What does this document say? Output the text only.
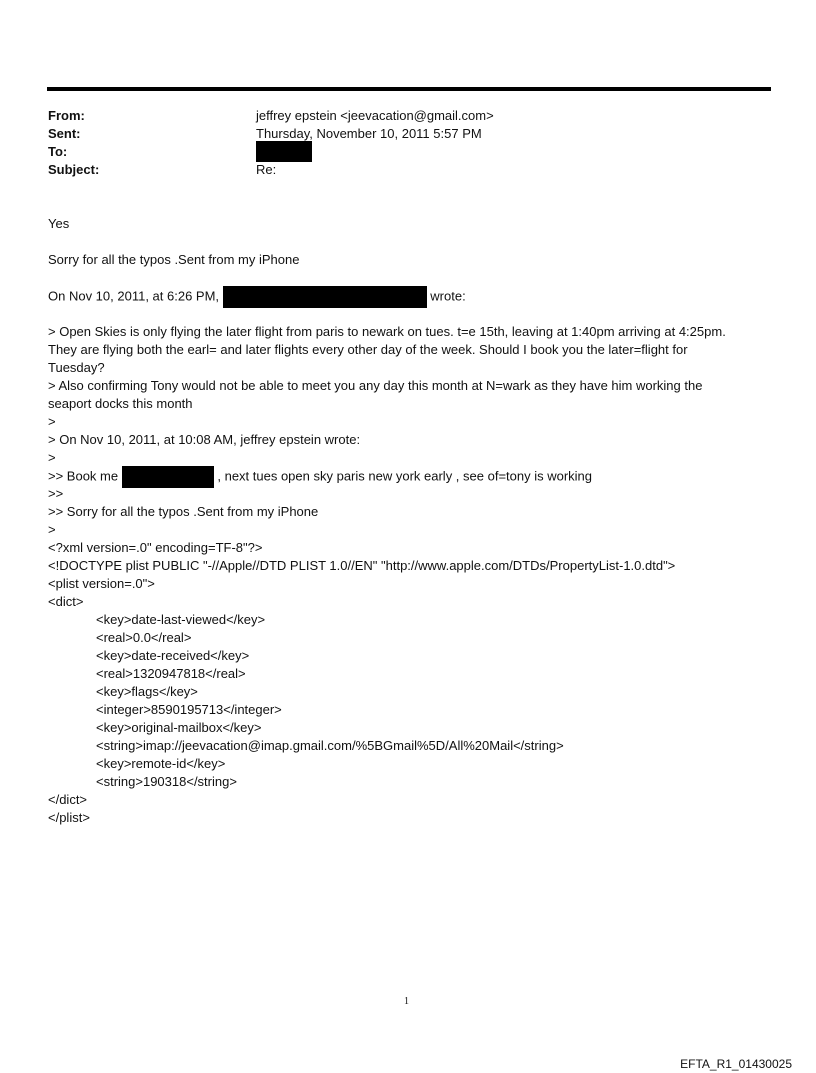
From:	jeffrey epstein <jeevacation@gmail.com>
Sent:	Thursday, November 10, 2011 5:57 PM
To:
Subject:	Re:
Yes
Sorry for all the typos .Sent from my iPhone
On Nov 10, 2011, at 6:26 PM,	wrote:
> Open Skies is only flying the later flight from paris to newark on tues. t=e 15th, leaving at 1:40pm arriving at 4:25pm.
They are flying both the earl= and later flights every other day of the week. Should I book you the later=flight for
Tuesday?
> Also confirming Tony would not be able to meet you any day this month at N=wark as they have him working the
seaport docks this month
>
> On Nov 10, 2011, at 10:08 AM, jeffrey epstein wrote:
>
>> Book me	, next tues open sky paris new york early , see of=tony is working
>>
>> Sorry for all the typos .Sent from my iPhone
>
<?xml version=.0" encoding=TF-8"?>
<!DOCTYPE plist PUBLIC "-//Apple//DTD PLIST 1.0//EN" "http://www.apple.com/DTDs/PropertyList-1.0.dtd">
<plist version=.0">
<dict>
<key>date-last-viewed</key>
<real>0.0</real>
<key>date-received</key>
<real>1320947818</real>
<key>flags</key>
<integer>8590195713</integer>
<key>original-mailbox</key>
<string>imap://jeevacation@imap.gmail.com/%5BGmail%5D/All%20Mail</string>
<key>remote-id</key>
<string>190318</string>
</dict>
</plist>
1
EFTA_R1_01430025
